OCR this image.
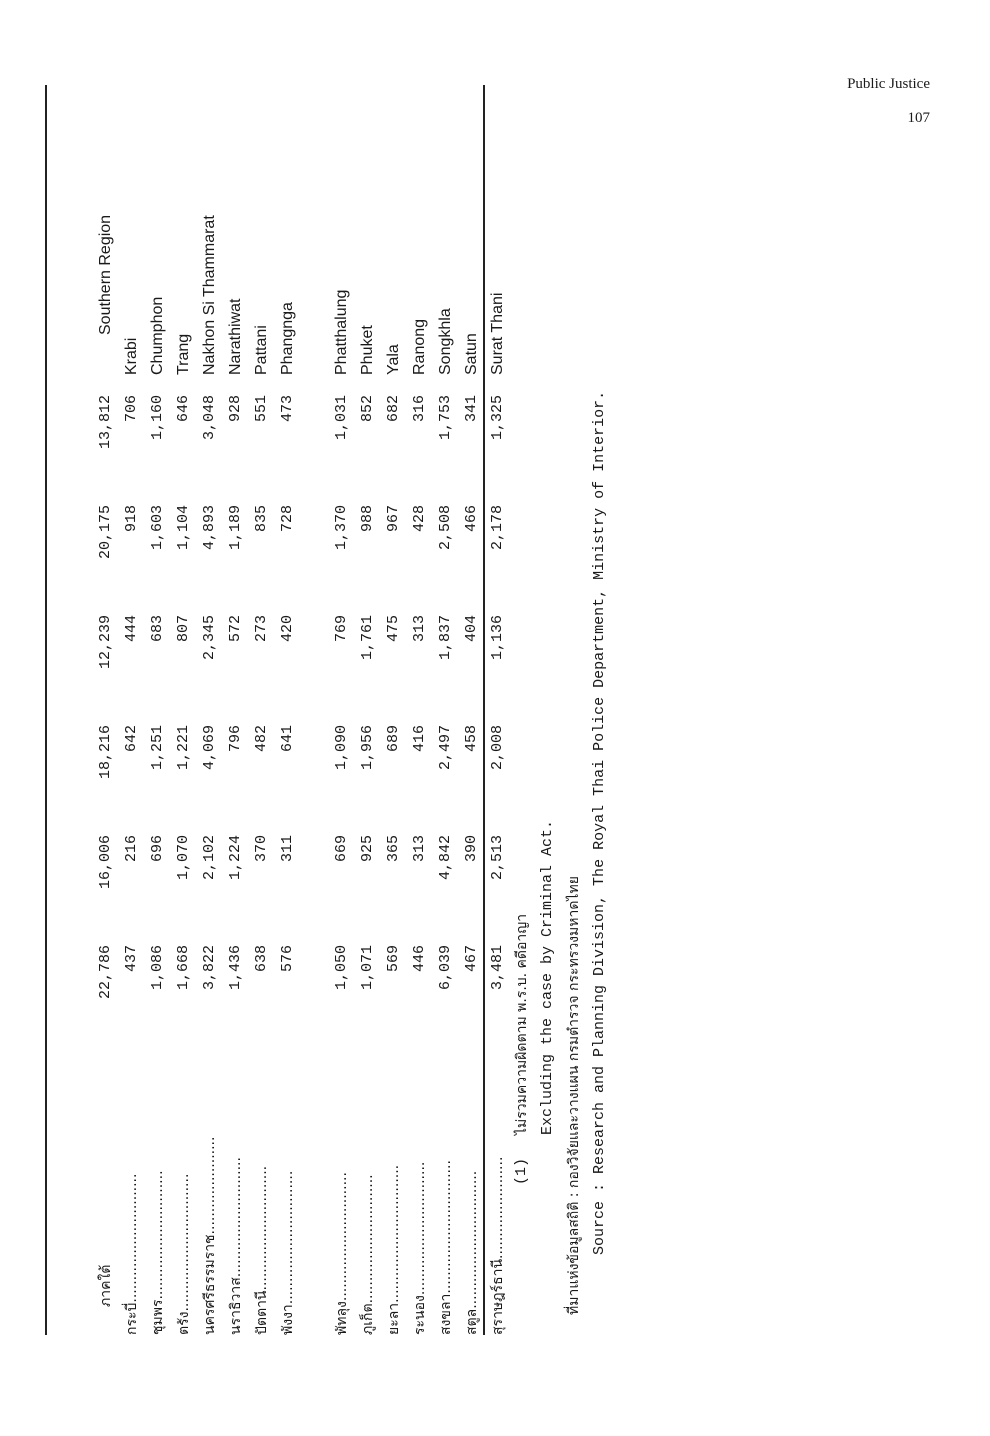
Public Justice
107
ภาคใต้
22,786
16,006
18,216
12,239
20,175
13,812
Southern Region
กระบี่.............................
437
216
642
444
918
706
Krabi
ชุมพร.............................
1,086
696
1,251
683
1,603
1,160
Chumphon
ตรัง...............................
1,668
1,070
1,221
807
1,104
646
Trang
นครศรีธรรมราช......................
3,822
2,102
4,069
2,345
4,893
3,048
Nakhon Si Thammarat
นราธิวาส...........................
1,436
1,224
796
572
1,189
928
Narathiwat
ปัตตานี............................
638
370
482
273
835
551
Pattani
พังงา..............................
576
311
641
420
728
473
Phangnga
พัทลุง.............................
1,050
669
1,090
769
1,370
1,031
Phatthalung
ภูเก็ต.............................
1,071
925
1,956
1,761
988
852
Phuket
ยะลา...............................
569
365
689
475
967
682
Yala
ระนอง..............................
446
313
416
313
428
316
Ranong
สงขลา..............................
6,039
4,842
2,497
1,837
2,508
1,753
Songkhla
สตูล...............................
467
390
458
404
466
341
Satun
สุราษฎร์ธานี.......................
3,481
2,513
2,008
1,136
2,178
1,325
Surat Thani
(1)
ไม่รวมความผิดตาม พ.ร.บ. คดีอาญา Excluding the case by Criminal Act. ที่มาแห่งข้อมูลสถิติ : กองวิจัยและวางแผน กรมตำรวจ กระทรวงมหาดไทย Source : Research and Planning Division, The Royal Thai Police Department, Ministry of Interior.
